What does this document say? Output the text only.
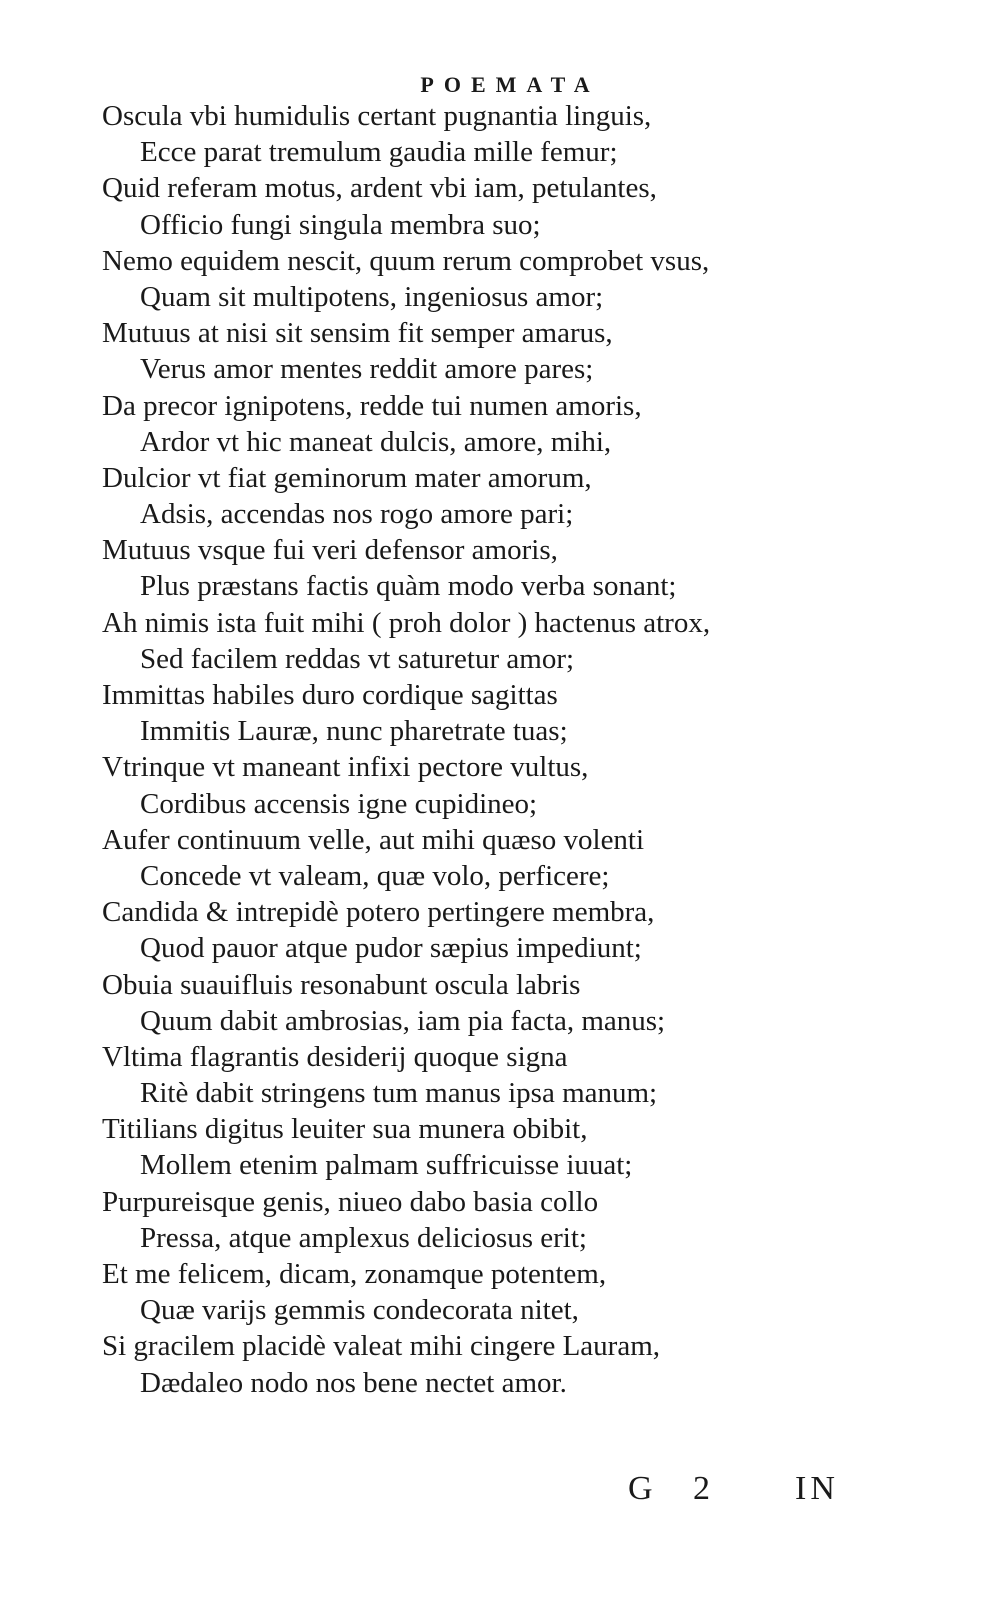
POEMATA
Oscula vbi humidulis certant pugnantia linguis,
Ecce parat tremulum gaudia mille femur;
Quid referam motus, ardent vbi iam, petulantes,
Officio fungi singula membra suo;
Nemo equidem nescit, quum rerum comprobet vsus,
Quam sit multipotens, ingeniosus amor;
Mutuus at nisi sit sensim fit semper amarus,
Verus amor mentes reddit amore pares;
Da precor ignipotens, redde tui numen amoris,
Ardor vt hic maneat dulcis, amore, mihi,
Dulcior vt fiat geminorum mater amorum,
Adsis, accendas nos rogo amore pari;
Mutuus vsque fui veri defensor amoris,
Plus præstans factis quàm modo verba sonant;
Ah nimis ista fuit mihi ( proh dolor ) hactenus atrox,
Sed facilem reddas vt saturetur amor;
Immittas habiles duro cordique sagittas
Immitis Lauræ, nunc pharetrate tuas;
Vtrinque vt maneant infixi pectore vultus,
Cordibus accensis igne cupidineo;
Aufer continuum velle, aut mihi quæso volenti
Concede vt valeam, quæ volo, perficere;
Candida & intrepidè potero pertingere membra,
Quod pauor atque pudor sæpius impediunt;
Obuia suauifluis resonabunt oscula labris
Quum dabit ambrosias, iam pia facta, manus;
Vltima flagrantis desiderij quoque signa
Ritè dabit stringens tum manus ipsa manum;
Titilians digitus leuiter sua munera obibit,
Mollem etenim palmam suffricuisse iuuat;
Purpureisque genis, niueo dabo basia collo
Pressa, atque amplexus deliciosus erit;
Et me felicem, dicam, zonamque potentem,
Quæ varijs gemmis condecorata nitet,
Si gracilem placidè valeat mihi cingere Lauram,
Dædaleo nodo nos bene nectet amor.
G 2 IN
